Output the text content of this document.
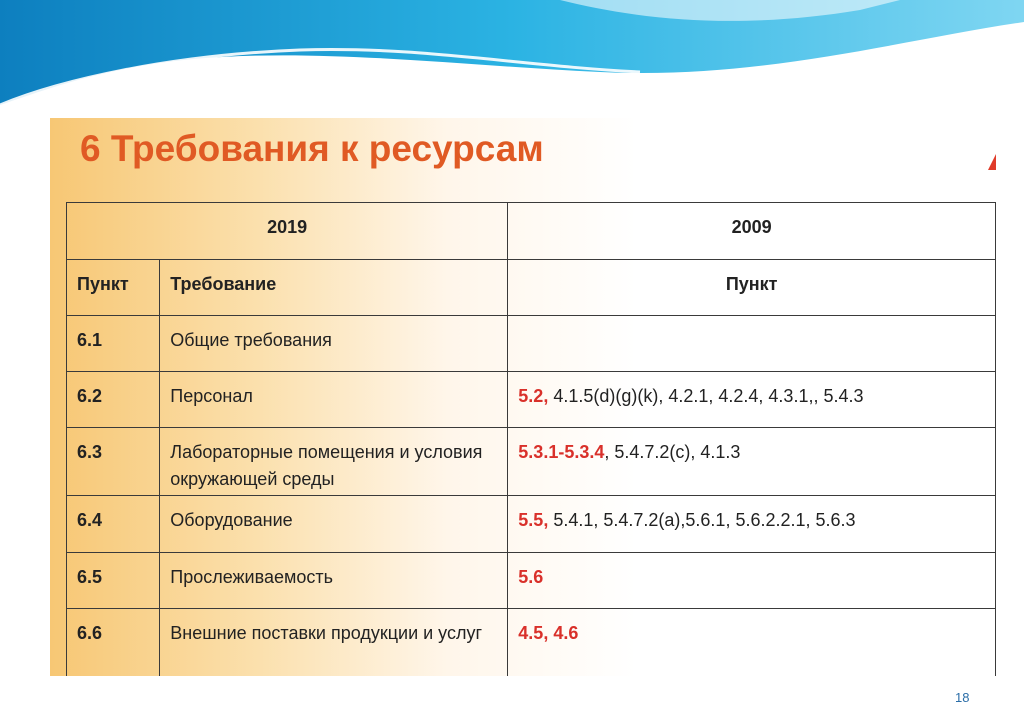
6 Требования к ресурсам
2019		2009
Пункт	Требование	Пункт
6.1	Общие требования	
6.2	Персонал	5.2, 4.1.5(d)(g)(k), 4.2.1, 4.2.4, 4.3.1,, 5.4.3
6.3	Лабораторные помещения и условия окружающей среды	5.3.1-5.3.4, 5.4.7.2(c), 4.1.3
6.4	Оборудование	5.5, 5.4.1, 5.4.7.2(a),5.6.1, 5.6.2.2.1, 5.6.3
6.5	Прослеживаемость	5.6
6.6	Внешние поставки продукции и услуг	4.5, 4.6
18
